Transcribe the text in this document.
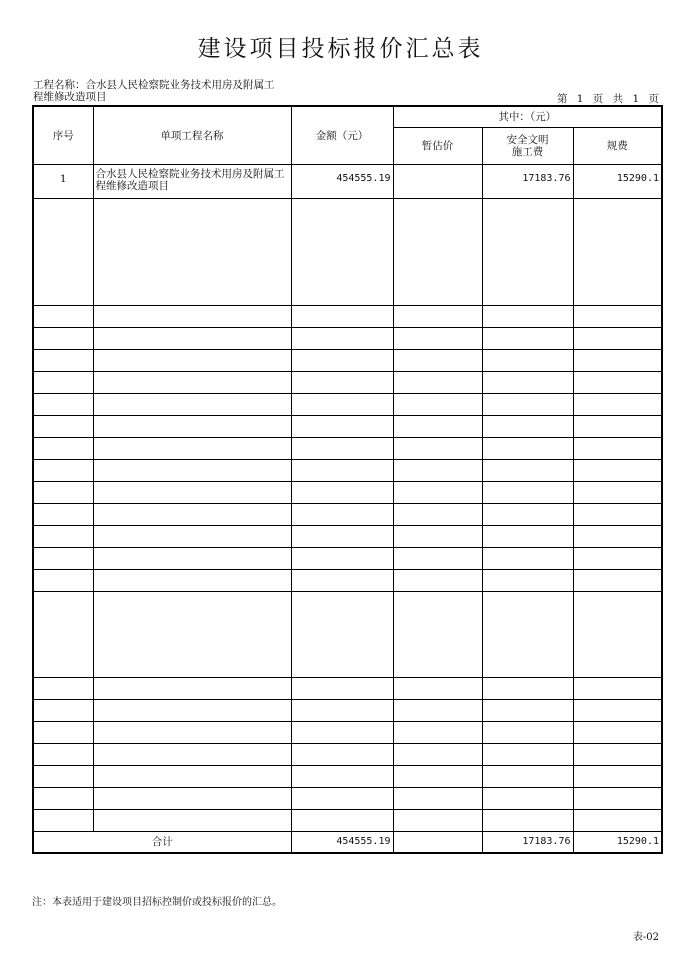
建设项目投标报价汇总表
工程名称：合水县人民检察院业务技术用房及附属工程维修改造项目	第 1 页 共 1 页
序号	单项工程名称	金额（元）	其中：（元）		
			暂估价	安全文明施工费	规费
1	合水县人民检察院业务技术用房及附属工程维修改造项目	454555.19		17183.76	15290.1

合计		454555.19		17183.76	15290.1
注：本表适用于建设项目招标控制价或投标报价的汇总。
表-02
